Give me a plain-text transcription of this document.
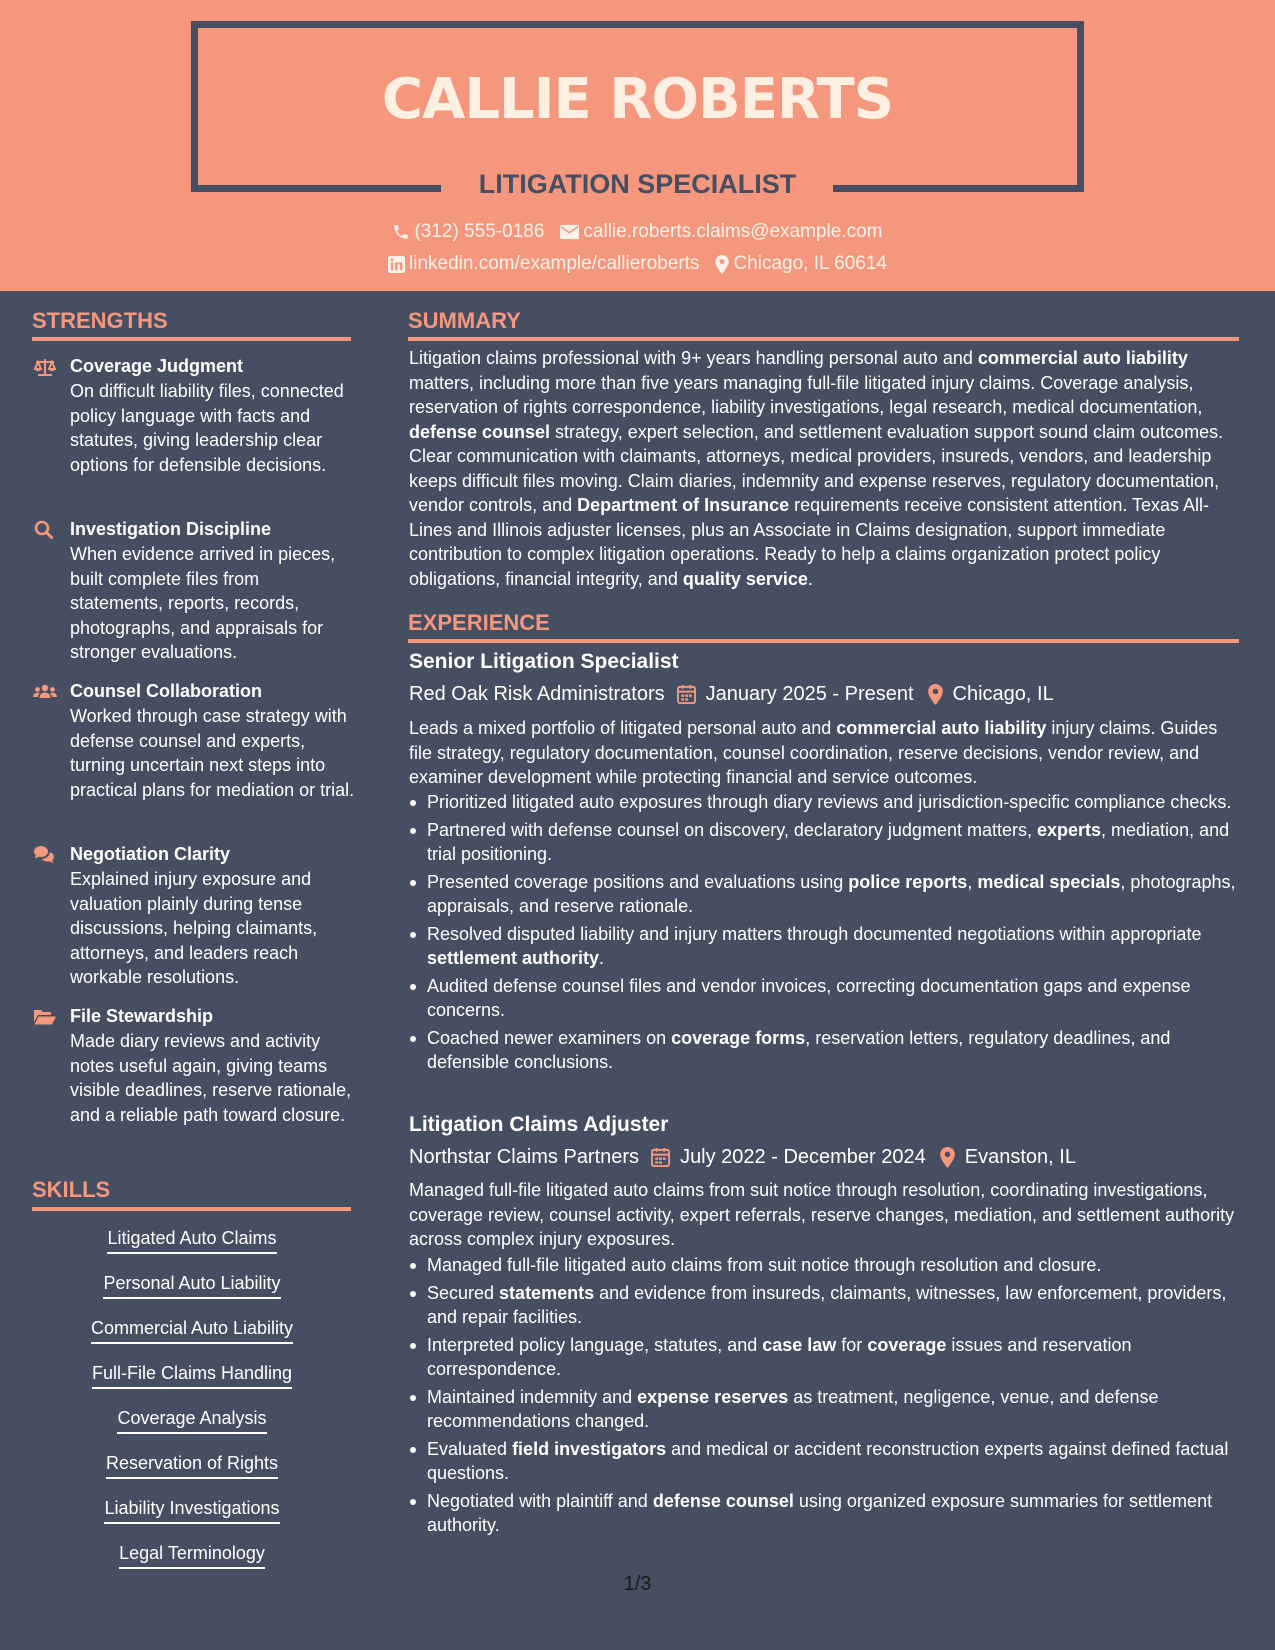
CALLIE ROBERTS
LITIGATION SPECIALIST
(312) 555-0186 callie.roberts.claims@example.com
linkedin.com/example/callieroberts Chicago, IL 60614
STRENGTHS
Coverage Judgment
On difficult liability files, connected policy language with facts and statutes, giving leadership clear options for defensible decisions.
Investigation Discipline
When evidence arrived in pieces, built complete files from statements, reports, records, photographs, and appraisals for stronger evaluations.
Counsel Collaboration
Worked through case strategy with defense counsel and experts, turning uncertain next steps into practical plans for mediation or trial.
Negotiation Clarity
Explained injury exposure and valuation plainly during tense discussions, helping claimants, attorneys, and leaders reach workable resolutions.
File Stewardship
Made diary reviews and activity notes useful again, giving teams visible deadlines, reserve rationale, and a reliable path toward closure.
SKILLS
Litigated Auto Claims
Personal Auto Liability
Commercial Auto Liability
Full-File Claims Handling
Coverage Analysis
Reservation of Rights
Liability Investigations
Legal Terminology
SUMMARY
Litigation claims professional with 9+ years handling personal auto and commercial auto liability matters, including more than five years managing full-file litigated injury claims. Coverage analysis, reservation of rights correspondence, liability investigations, legal research, medical documentation, defense counsel strategy, expert selection, and settlement evaluation support sound claim outcomes. Clear communication with claimants, attorneys, medical providers, insureds, vendors, and leadership keeps difficult files moving. Claim diaries, indemnity and expense reserves, regulatory documentation, vendor controls, and Department of Insurance requirements receive consistent attention. Texas All-Lines and Illinois adjuster licenses, plus an Associate in Claims designation, support immediate contribution to complex litigation operations. Ready to help a claims organization protect policy obligations, financial integrity, and quality service.
EXPERIENCE
Senior Litigation Specialist
Red Oak Risk Administrators January 2025 - Present Chicago, IL
Leads a mixed portfolio of litigated personal auto and commercial auto liability injury claims. Guides file strategy, regulatory documentation, counsel coordination, reserve decisions, vendor review, and examiner development while protecting financial and service outcomes.
Prioritized litigated auto exposures through diary reviews and jurisdiction-specific compliance checks.
Partnered with defense counsel on discovery, declaratory judgment matters, experts, mediation, and trial positioning.
Presented coverage positions and evaluations using police reports, medical specials, photographs, appraisals, and reserve rationale.
Resolved disputed liability and injury matters through documented negotiations within appropriate settlement authority.
Audited defense counsel files and vendor invoices, correcting documentation gaps and expense concerns.
Coached newer examiners on coverage forms, reservation letters, regulatory deadlines, and defensible conclusions.
Litigation Claims Adjuster
Northstar Claims Partners July 2022 - December 2024 Evanston, IL
Managed full-file litigated auto claims from suit notice through resolution, coordinating investigations, coverage review, counsel activity, expert referrals, reserve changes, mediation, and settlement authority across complex injury exposures.
Managed full-file litigated auto claims from suit notice through resolution and closure.
Secured statements and evidence from insureds, claimants, witnesses, law enforcement, providers, and repair facilities.
Interpreted policy language, statutes, and case law for coverage issues and reservation correspondence.
Maintained indemnity and expense reserves as treatment, negligence, venue, and defense recommendations changed.
Evaluated field investigators and medical or accident reconstruction experts against defined factual questions.
Negotiated with plaintiff and defense counsel using organized exposure summaries for settlement authority.
1/3
